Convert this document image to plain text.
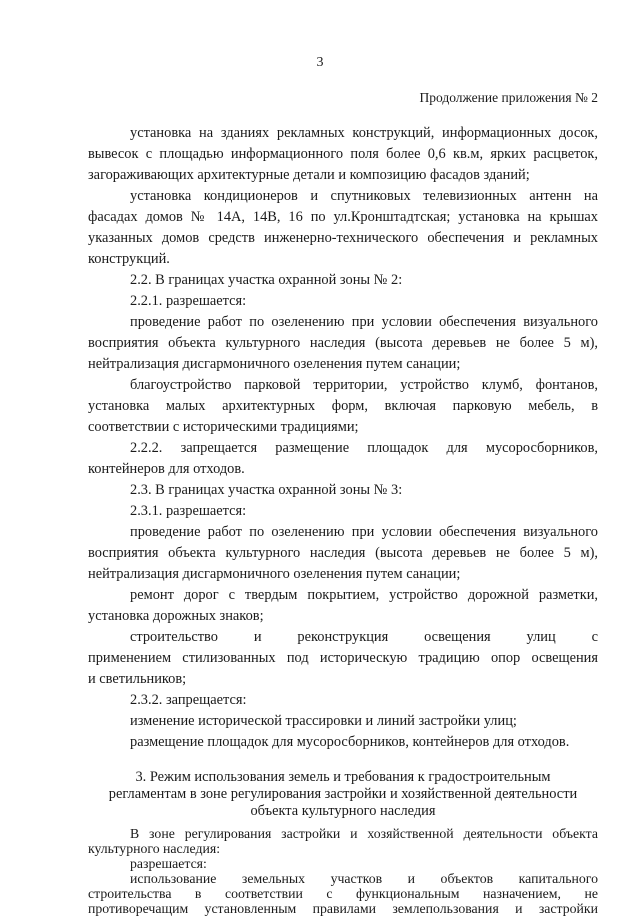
3
Продолжение приложения № 2
установка на зданиях рекламных конструкций, информационных досок,
вывесок с площадью информационного поля более 0,6 кв.м, ярких расцветок,
загораживающих архитектурные детали и композицию фасадов зданий;
установка кондиционеров и спутниковых телевизионных антенн на
фасадах домов № 14А, 14В, 16 по ул.Кронштадтская; установка на крышах
указанных домов средств инженерно-технического обеспечения и рекламных
конструкций.
2.2. В границах участка охранной зоны № 2:
2.2.1. разрешается:
проведение работ по озеленению при условии обеспечения визуального
восприятия объекта культурного наследия (высота деревьев не более 5 м),
нейтрализация дисгармоничного озеленения путем санации;
благоустройство парковой территории, устройство клумб, фонтанов,
установка малых архитектурных форм, включая парковую мебель, в
соответствии с историческими традициями;
2.2.2. запрещается размещение площадок для мусоросборников,
контейнеров для отходов.
2.3. В границах участка охранной зоны № 3:
2.3.1. разрешается:
проведение работ по озеленению при условии обеспечения визуального
восприятия объекта культурного наследия (высота деревьев не более 5 м),
нейтрализация дисгармоничного озеленения путем санации;
ремонт дорог с твердым покрытием, устройство дорожной разметки,
установка дорожных знаков;
строительство и реконструкция освещения улиц с
применением стилизованных под историческую традицию опор освещения
и светильников;
2.3.2. запрещается:
изменение исторической трассировки и линий застройки улиц;
размещение площадок для мусоросборников, контейнеров для отходов.
3. Режим использования земель и требования к градостроительным
регламентам в зоне регулирования застройки и хозяйственной деятельности
объекта культурного наследия
В зоне регулирования застройки и хозяйственной деятельности объекта
культурного наследия:
разрешается:
использование земельных участков и объектов капитального
строительства в соответствии с функциональным назначением, не
противоречащим установленным правилами землепользования и застройки
